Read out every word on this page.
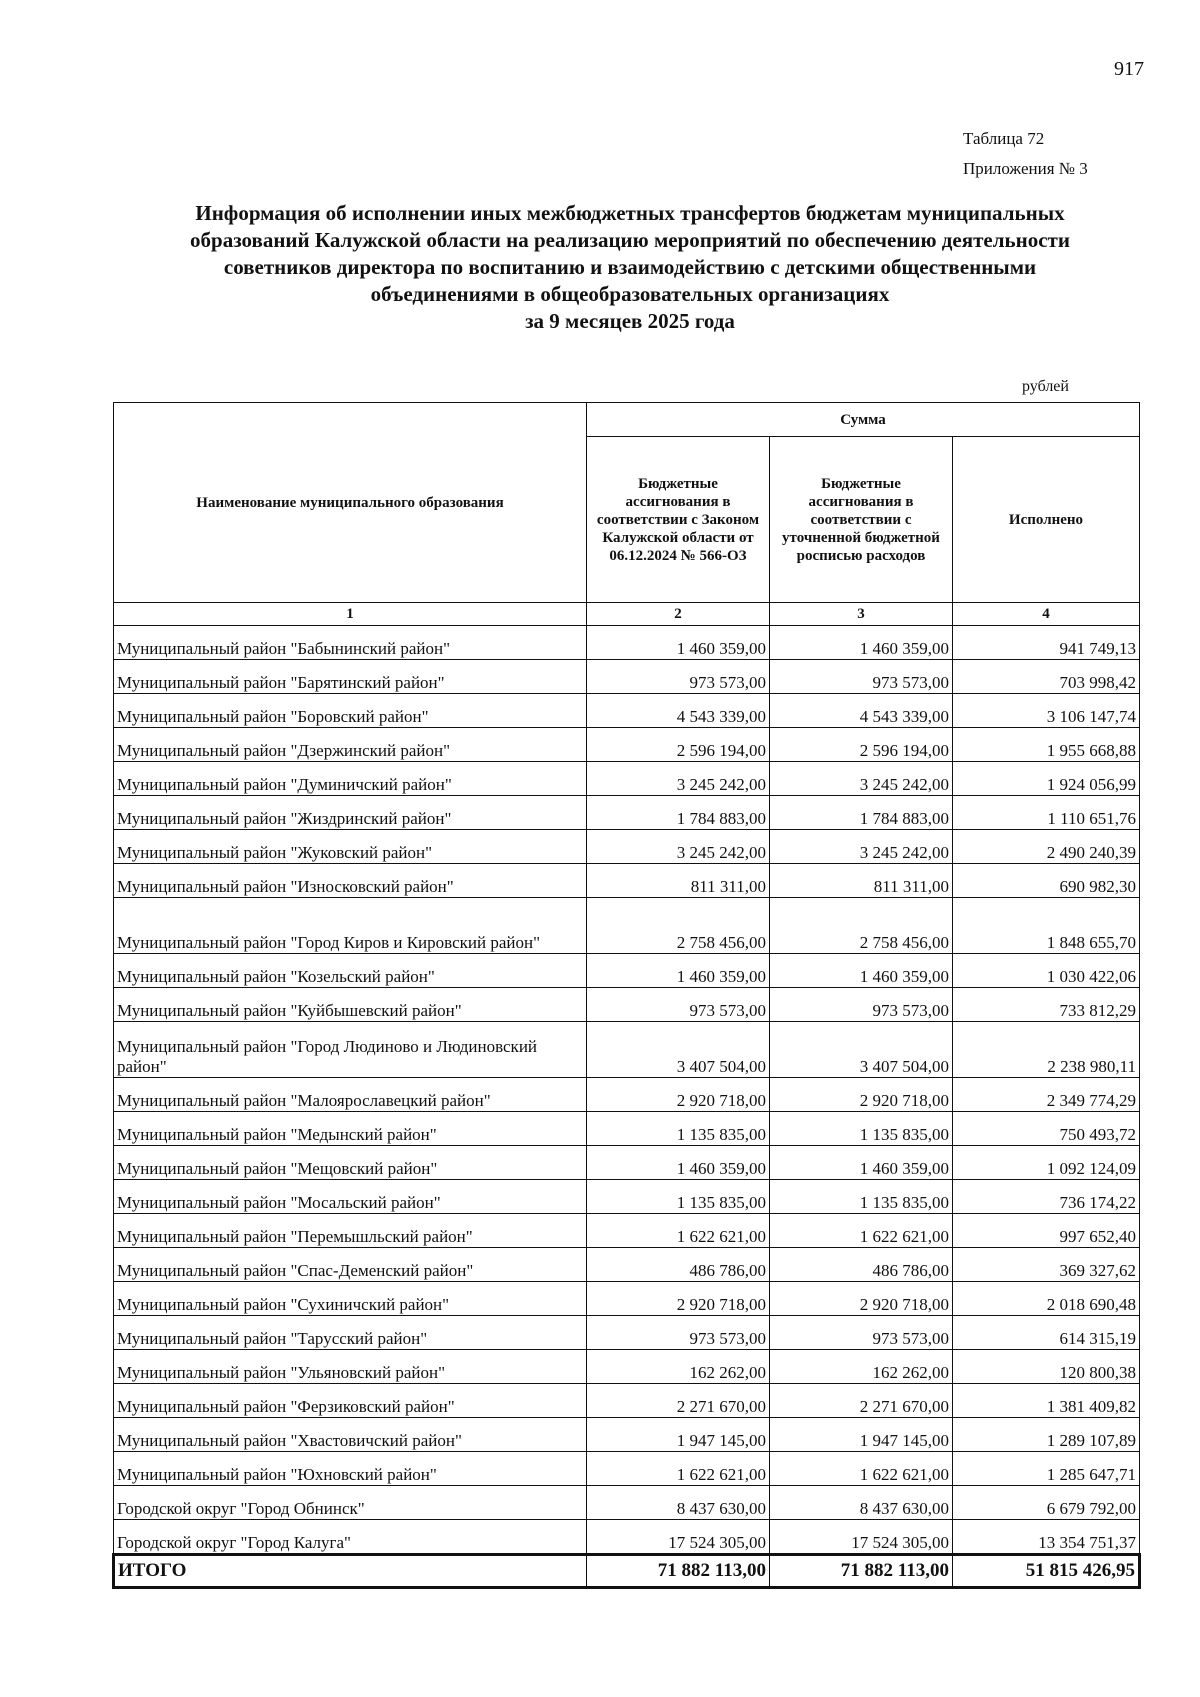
917
Таблица 72
Приложения № 3
Информация об исполнении иных межбюджетных трансфертов бюджетам муниципальных
образований Калужской области на реализацию мероприятий по обеспечению деятельности
советников директора по воспитанию и взаимодействию с детскими общественными
объединениями в общеобразовательных организациях
за 9 месяцев 2025 года
рублей
Наименование муниципального образования	Сумма		
	Бюджетные ассигнования в соответствии с Законом Калужской области от 06.12.2024 № 566-ОЗ	Бюджетные ассигнования в соответствии с уточненной бюджетной росписью расходов	Исполнено
1	2	3	4
Муниципальный район "Бабынинский район"	1 460 359,00	1 460 359,00	941 749,13
Муниципальный район "Барятинский район"	973 573,00	973 573,00	703 998,42
Муниципальный район "Боровский район"	4 543 339,00	4 543 339,00	3 106 147,74
Муниципальный район "Дзержинский район"	2 596 194,00	2 596 194,00	1 955 668,88
Муниципальный район "Думиничский район"	3 245 242,00	3 245 242,00	1 924 056,99
Муниципальный район "Жиздринский район"	1 784 883,00	1 784 883,00	1 110 651,76
Муниципальный район "Жуковский район"	3 245 242,00	3 245 242,00	2 490 240,39
Муниципальный район "Износковский район"	811 311,00	811 311,00	690 982,30
Муниципальный район "Город Киров и Кировский район"	2 758 456,00	2 758 456,00	1 848 655,70
Муниципальный район "Козельский район"	1 460 359,00	1 460 359,00	1 030 422,06
Муниципальный район "Куйбышевский район"	973 573,00	973 573,00	733 812,29
Муниципальный район "Город Людиново и Людиновский район"	3 407 504,00	3 407 504,00	2 238 980,11
Муниципальный район "Малоярославецкий район"	2 920 718,00	2 920 718,00	2 349 774,29
Муниципальный район "Медынский район"	1 135 835,00	1 135 835,00	750 493,72
Муниципальный район "Мещовский район"	1 460 359,00	1 460 359,00	1 092 124,09
Муниципальный район "Мосальский район"	1 135 835,00	1 135 835,00	736 174,22
Муниципальный район "Перемышльский район"	1 622 621,00	1 622 621,00	997 652,40
Муниципальный район "Спас-Деменский район"	486 786,00	486 786,00	369 327,62
Муниципальный район "Сухиничский район"	2 920 718,00	2 920 718,00	2 018 690,48
Муниципальный район "Тарусский район"	973 573,00	973 573,00	614 315,19
Муниципальный район "Ульяновский район"	162 262,00	162 262,00	120 800,38
Муниципальный район "Ферзиковский район"	2 271 670,00	2 271 670,00	1 381 409,82
Муниципальный район "Хвастовичский район"	1 947 145,00	1 947 145,00	1 289 107,89
Муниципальный район "Юхновский район"	1 622 621,00	1 622 621,00	1 285 647,71
Городской округ "Город Обнинск"	8 437 630,00	8 437 630,00	6 679 792,00
Городской округ "Город Калуга"	17 524 305,00	17 524 305,00	13 354 751,37
ИТОГО	71 882 113,00	71 882 113,00	51 815 426,95
